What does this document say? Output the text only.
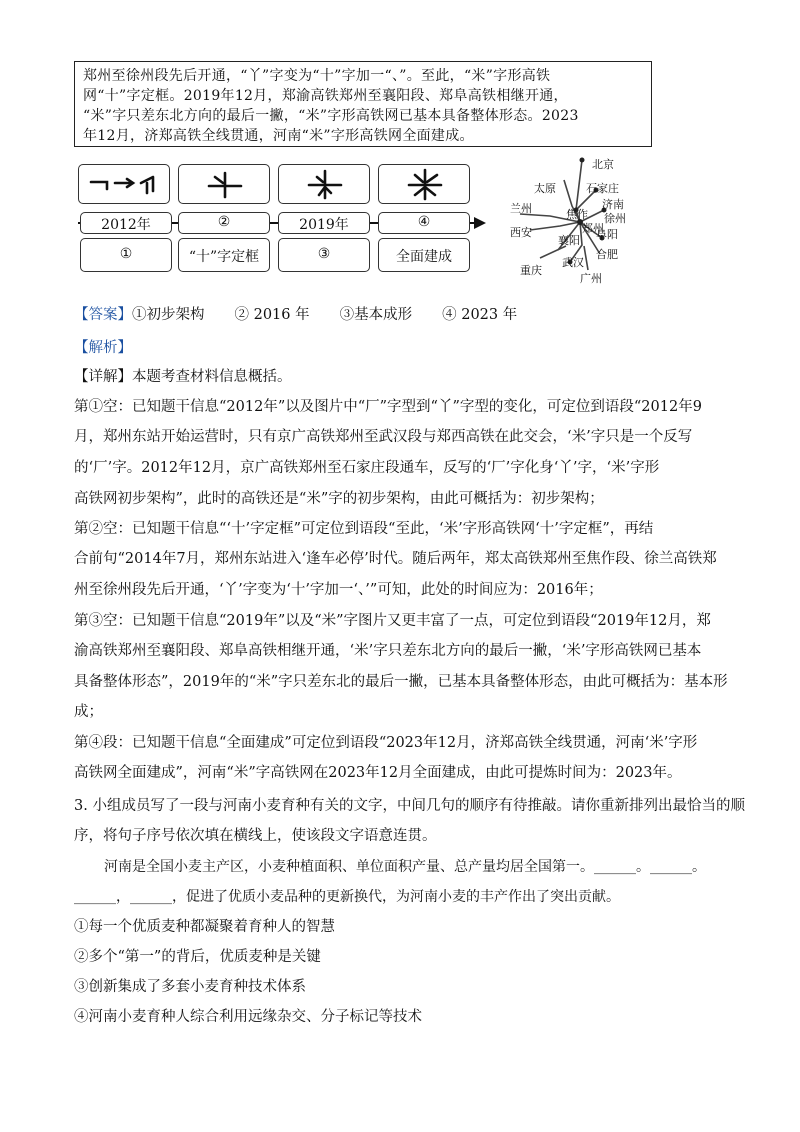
郑州至徐州段先后开通，“丫”字变为“十”字加一“、”。至此，“米”字形高铁
网“十”字定框。2019年12月，郑渝高铁郑州至襄阳段、郑阜高铁相继开通，
“米”字只差东北方向的最后一撇，“米”字形高铁网已基本具备整体形态。2023
年12月，济郑高铁全线贯通，河南“米”字形高铁网全面建成。
2012年	②	2019年	④
①	“十”字定框	③	全面建成
北京
太原	石家庄
济南
兰州	焦作 徐州
郑州
西安
襄阳 阜阳
武汉
合肥
重庆
广州
【答案】①初步架构 ② 2016 年 ③基本成形 ④ 2023 年
【解析】
【详解】本题考查材料信息概括。
第①空：已知题干信息“2012年”以及图片中“厂”字型到“丫”字型的变化，可定位到语段“2012年9
月，郑州东站开始运营时，只有京广高铁郑州至武汉段与郑西高铁在此交会，‘米’字只是一个反写
的‘厂’字。2012年12月，京广高铁郑州至石家庄段通车，反写的‘厂’字化身‘丫’字，‘米’字形
高铁网初步架构”，此时的高铁还是“米”字的初步架构，由此可概括为：初步架构；
第②空：已知题干信息“‘十’字定框”可定位到语段“至此，‘米’字形高铁网‘十’字定框”，再结
合前句“2014年7月，郑州东站进入‘逢车必停’时代。随后两年，郑太高铁郑州至焦作段、徐兰高铁郑
州至徐州段先后开通，‘丫’字变为‘十’字加一‘、’”可知，此处的时间应为：2016年；
第③空：已知题干信息“2019年”以及“米”字图片又更丰富了一点，可定位到语段“2019年12月，郑
渝高铁郑州至襄阳段、郑阜高铁相继开通，‘米’字只差东北方向的最后一撇，‘米’字形高铁网已基本
具备整体形态”，2019年的“米”字只差东北的最后一撇，已基本具备整体形态，由此可概括为：基本形
成；
第④段：已知题干信息“全面建成”可定位到语段“2023年12月，济郑高铁全线贯通，河南‘米’字形
高铁网全面建成”，河南“米”字高铁网在2023年12月全面建成，由此可提炼时间为：2023年。
3. 小组成员写了一段与河南小麦育种有关的文字，中间几句的顺序有待推敲。请你重新排列出最恰当的顺
序，将句子序号依次填在横线上，使该段文字语意连贯。
河南是全国小麦主产区，小麦种植面积、单位面积产量、总产量均居全国第一。______。______。
______，______，促进了优质小麦品种的更新换代，为河南小麦的丰产作出了突出贡献。
①每一个优质麦种都凝聚着育种人的智慧
②多个“第一”的背后，优质麦种是关键
③创新集成了多套小麦育种技术体系
④河南小麦育种人综合利用远缘杂交、分子标记等技术
